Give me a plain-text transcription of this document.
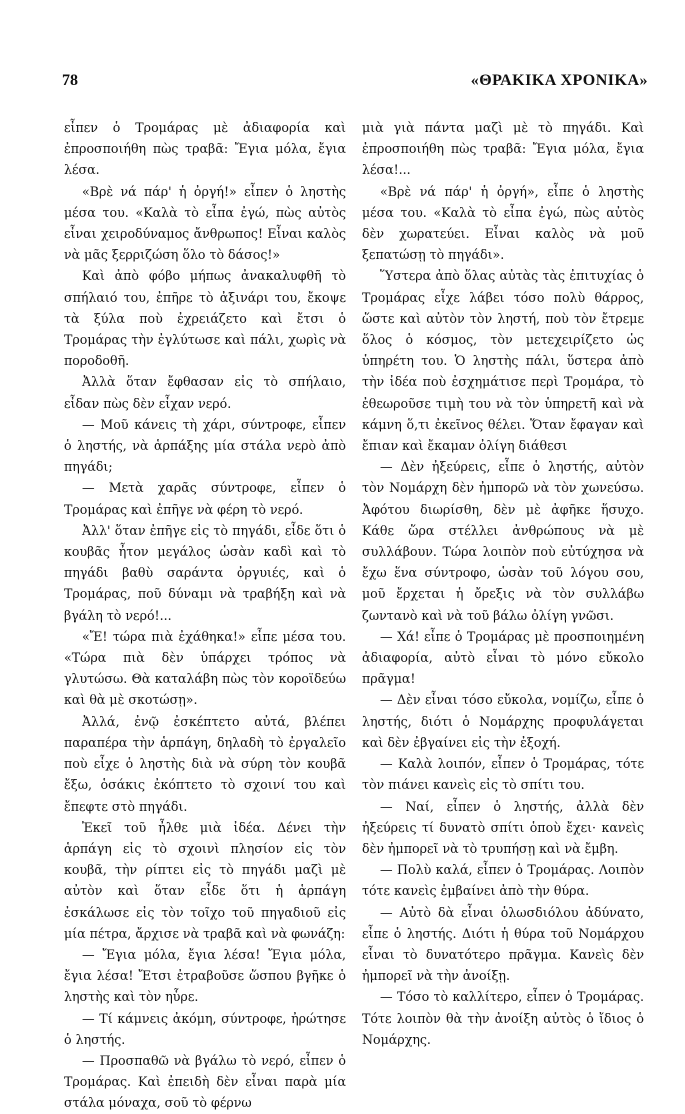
78	«ΘΡΑΚΙΚΑ ΧΡΟΝΙΚΑ»

εἶπεν ὁ Τρομάρας μὲ ἀδιαφορία καὶ ἐπροσποιήθη πὼς τραβᾶ: Ἔγια μόλα, ἔγια λέσα.

«Βρὲ νά πάρ' ἡ ὀργή!» εἶπεν ὁ ληστὴς μέσα του. «Καλὰ τὸ εἶπα ἐγώ, πὼς αὐτὸς εἶναι χειροδύναμος ἄνθρωπος! Εἶναι καλὸς νὰ μᾶς ξερριζώση ὅλο τὸ δάσος!»

Καὶ ἀπὸ φόβο μήπως ἀνακαλυφθῆ τὸ σπήλαιό του, ἐπῆρε τὸ ἀξινάρι του, ἔκοψε τὰ ξύλα ποὺ ἐχρειάζετο καὶ ἔτσι ὁ Τρομάρας τὴν ἐγλύτωσε καὶ πάλι, χωρὶς νὰ ποροδοθῆ.

Ἀλλὰ ὅταν ἔφθασαν εἰς τὸ σπήλαιο, εἶδαν πὼς δὲν εἶχαν νερό.

— Μοῦ κάνεις τὴ χάρι, σύντροφε, εἶπεν ὁ ληστής, νὰ ἁρπάξης μία στάλα νερὸ ἀπὸ πηγάδι;

— Μετὰ χαρᾶς σύντροφε, εἶπεν ὁ Τρομάρας καὶ ἐπῆγε νὰ φέρη τὸ νερό.

Ἀλλ' ὅταν ἐπῆγε εἰς τὸ πηγάδι, εἶδε ὅτι ὁ κουβᾶς ἦτον μεγάλος ὡσὰν καδὶ καὶ τὸ πηγάδι βαθὺ σαράντα ὀργυιές, καὶ ὁ Τρομάρας, ποῦ δύναμι νὰ τραβήξη καὶ νὰ βγάλη τὸ νερό!...

«Ἔ! τώρα πιὰ ἐχάθηκα!» εἶπε μέσα του. «Τώρα πιὰ δὲν ὑπάρχει τρόπος νὰ γλυτώσω. Θὰ καταλάβη πὼς τὸν κοροϊδεύω καὶ θὰ μὲ σκοτώσῃ».

Ἀλλά, ἐνῷ ἐσκέπτετο αὐτά, βλέπει παραπέρα τὴν ἁρπάγη, δηλαδὴ τὸ ἐργαλεῖο ποὺ εἶχε ὁ ληστὴς διὰ νὰ σύρη τὸν κουβᾶ ἔξω, ὁσάκις ἐκόπτετο τὸ σχοινί του καὶ ἔπεφτε στὸ πηγάδι.

Ἐκεῖ τοῦ ἦλθε μιὰ ἰδέα. Δένει τὴν ἁρπάγη εἰς τὸ σχοινὶ πλησίον εἰς τὸν κουβᾶ, τὴν ρίπτει εἰς τὸ πηγάδι μαζὶ μὲ αὐτὸν καὶ ὅταν εἶδε ὅτι ἡ ἁρπάγη ἐσκάλωσε εἰς τὸν τοῖχο τοῦ πηγαδιοῦ εἰς μία πέτρα, ἄρχισε νὰ τραβᾶ καὶ νὰ φωνάζη:

— Ἔγια μόλα, ἔγια λέσα! Ἔγια μόλα, ἔγια λέσα! Ἔτσι ἐτραβοῦσε ὥσπου βγῆκε ὁ ληστὴς καὶ τὸν ηὗρε.

— Τί κάμνεις ἀκόμη, σύντροφε, ἠρώτησε ὁ ληστής.

— Προσπαθῶ νὰ βγάλω τὸ νερό, εἶπεν ὁ Τρομάρας. Καὶ ἐπειδὴ δὲν εἶναι παρὰ μία στάλα μόναχα, σοῦ τὸ φέρνω

μιὰ γιὰ πάντα μαζὶ μὲ τὸ πηγάδι. Καὶ ἐπροσποιήθη πὼς τραβᾶ: Ἔγια μόλα, ἔγια λέσα!...

«Βρὲ νά πάρ' ἡ ὀργή», εἶπε ὁ ληστὴς μέσα του. «Καλὰ τὸ εἶπα ἐγώ, πὼς αὐτὸς δὲν χωρατεύει. Εἶναι καλὸς νὰ μοῦ ξεπατώσῃ τὸ πηγάδι».

Ὕστερα ἀπὸ ὅλας αὐτὰς τὰς ἐπιτυχίας ὁ Τρομάρας εἶχε λάβει τόσο πολὺ θάρρος, ὥστε καὶ αὐτὸν τὸν ληστή, ποὺ τὸν ἔτρεμε ὅλος ὁ κόσμος, τὸν μετεχειρίζετο ὡς ὑπηρέτη του. Ὁ ληστὴς πάλι, ὕστερα ἀπὸ τὴν ἰδέα ποὺ ἐσχημάτισε περὶ Τρομάρα, τὸ ἐθεωροῦσε τιμὴ του νὰ τὸν ὑπηρετῆ καὶ νὰ κάμνη ὅ,τι ἐκεῖνος θέλει. Ὅταν ἔφαγαν καὶ ἔπιαν καὶ ἔκαμαν ὀλίγη διάθεσι

— Δὲν ἠξεύρεις, εἶπε ὁ ληστής, αὐτὸν τὸν Νομάρχη δὲν ἠμπορῶ νὰ τὸν χωνεύσω. Ἀφότου διωρίσθη, δὲν μὲ ἀφῆκε ἥσυχο. Κάθε ὥρα στέλλει ἀνθρώπους νὰ μὲ συλλάβουν. Τώρα λοιπὸν ποὺ εὐτύχησα νὰ ἔχω ἕνα σύντροφο, ὡσὰν τοῦ λόγου σου, μοῦ ἔρχεται ἡ ὄρεξις νὰ τὸν συλλάβω ζωντανὸ καὶ νὰ τοῦ βάλω ὀλίγη γνῶσι.

— Χά! εἶπε ὁ Τρομάρας μὲ προσποιημένη ἀδιαφορία, αὐτὸ εἶναι τὸ μόνο εὔκολο πρᾶγμα!

— Δὲν εἶναι τόσο εὔκολα, νομίζω, εἶπε ὁ ληστής, διότι ὁ Νομάρχης προφυλάγεται καὶ δὲν ἐβγαίνει εἰς τὴν ἐξοχή.

— Καλὰ λοιπόν, εἶπεν ὁ Τρομάρας, τότε τὸν πιάνει κανεὶς εἰς τὸ σπίτι του.

— Ναί, εἶπεν ὁ ληστής, ἀλλὰ δὲν ἠξεύρεις τί δυνατὸ σπίτι ὁποὺ ἔχει· κανεὶς δὲν ἠμπορεῖ νὰ τὸ τρυπήσῃ καὶ νὰ ἔμβη.

— Πολὺ καλά, εἶπεν ὁ Τρομάρας. Λοιπὸν τότε κανεὶς ἐμβαίνει ἀπὸ τὴν θύρα.

— Αὐτὸ δὰ εἶναι ὁλωσδιόλου ἀδύνατο, εἶπε ὁ ληστής. Διότι ἡ θύρα τοῦ Νομάρχου εἶναι τὸ δυνατότερο πρᾶγμα. Κανεὶς δὲν ἠμπορεῖ νὰ τὴν ἀνοίξῃ.

— Τόσο τὸ καλλίτερο, εἶπεν ὁ Τρομάρας. Τότε λοιπὸν θὰ τὴν ἀνοίξη αὐτὸς ὁ ἴδιος ὁ Νομάρχης.
